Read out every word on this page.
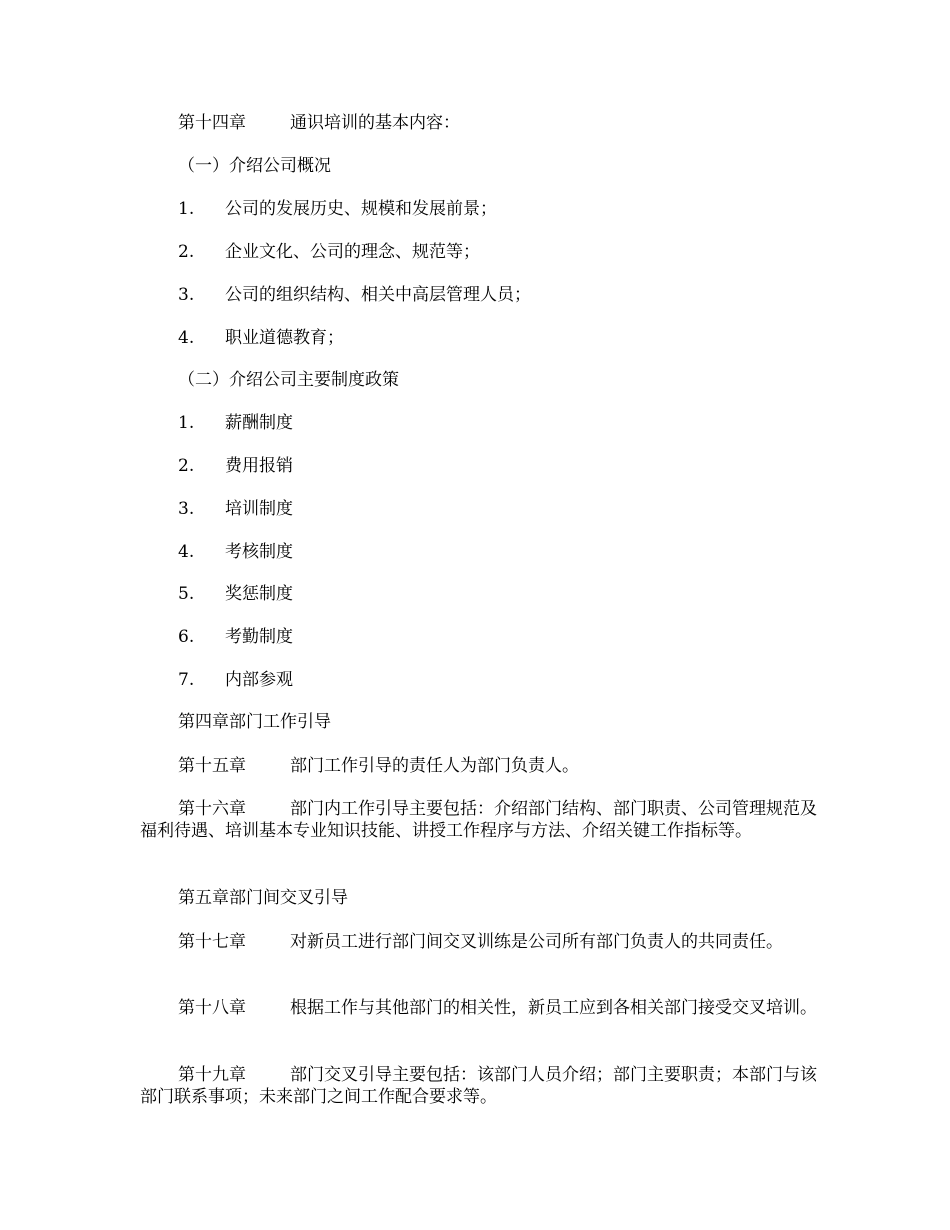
第十四章	通识培训的基本内容：
（一）介绍公司概况
1. 公司的发展历史、规模和发展前景；
2. 企业文化、公司的理念、规范等；
3. 公司的组织结构、相关中高层管理人员；
4. 职业道德教育；
（二）介绍公司主要制度政策
1. 薪酬制度
2. 费用报销
3. 培训制度
4. 考核制度
5. 奖惩制度
6. 考勤制度
7. 内部参观
第四章部门工作引导
第十五章	部门工作引导的责任人为部门负责人。
第十六章	部门内工作引导主要包括：介绍部门结构、部门职责、公司管理规范及福利待遇、培训基本专业知识技能、讲授工作程序与方法、介绍关键工作指标等。
第五章部门间交叉引导
第十七章	对新员工进行部门间交叉训练是公司所有部门负责人的共同责任。
第十八章	根据工作与其他部门的相关性，新员工应到各相关部门接受交叉培训。
第十九章	部门交叉引导主要包括：该部门人员介绍；部门主要职责；本部门与该部门联系事项；未来部门之间工作配合要求等。
